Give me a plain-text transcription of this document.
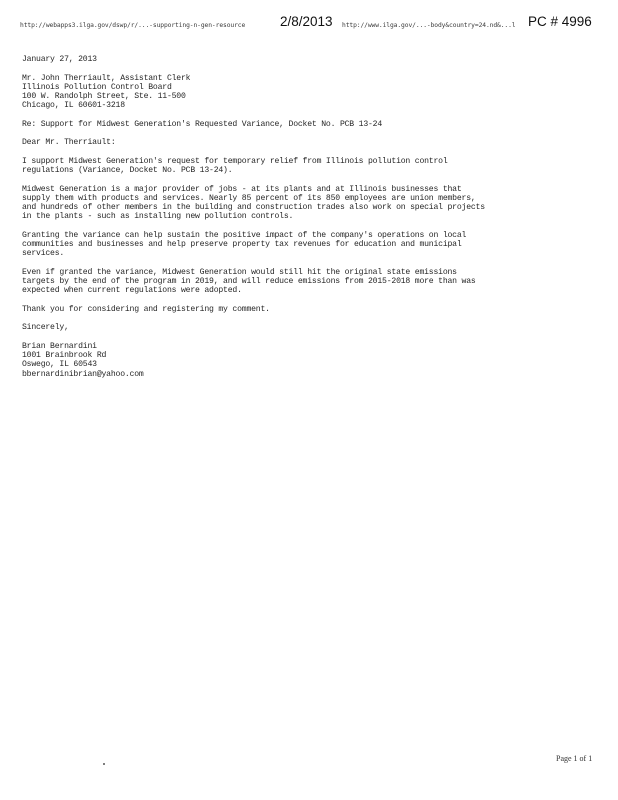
http://webapps3.ilga.gov/dswp/r/...-supporting-n-gen-resource	2/8/2013 http://www.ilga.gov/...-body&country=24.nd&...l PC # 4996

January 27, 2013

Mr. John Therriault, Assistant Clerk

Illinois Pollution Control Board

100 W. Randolph Street, Ste. 11-500

Chicago, IL 60601-3218

Re: Support for Midwest Generation's Requested Variance, Docket No. PCB 13-24

Dear Mr. Therriault:

I support Midwest Generation's request for temporary relief from Illinois pollution control

regulations (Variance, Docket No. PCB 13-24).

Midwest Generation is a major provider of jobs - at its plants and at Illinois businesses that

supply them with products and services. Nearly 85 percent of its 850 employees are union members,

and hundreds of other members in the building and construction trades also work on special projects

in the plants - such as installing new pollution controls.

Granting the variance can help sustain the positive impact of the company's operations on local

communities and businesses and help preserve property tax revenues for education and municipal

services.

Even if granted the variance, Midwest Generation would still hit the original state emissions

targets by the end of the program in 2019, and will reduce emissions from 2015-2018 more than was

expected when current regulations were adopted.

Thank you for considering and registering my comment.

Sincerely,

Brian Bernardini

1001 Brainbrook Rd

Oswego, IL 60543

bbernardinibrian@yahoo.com

Page 1 of 1
